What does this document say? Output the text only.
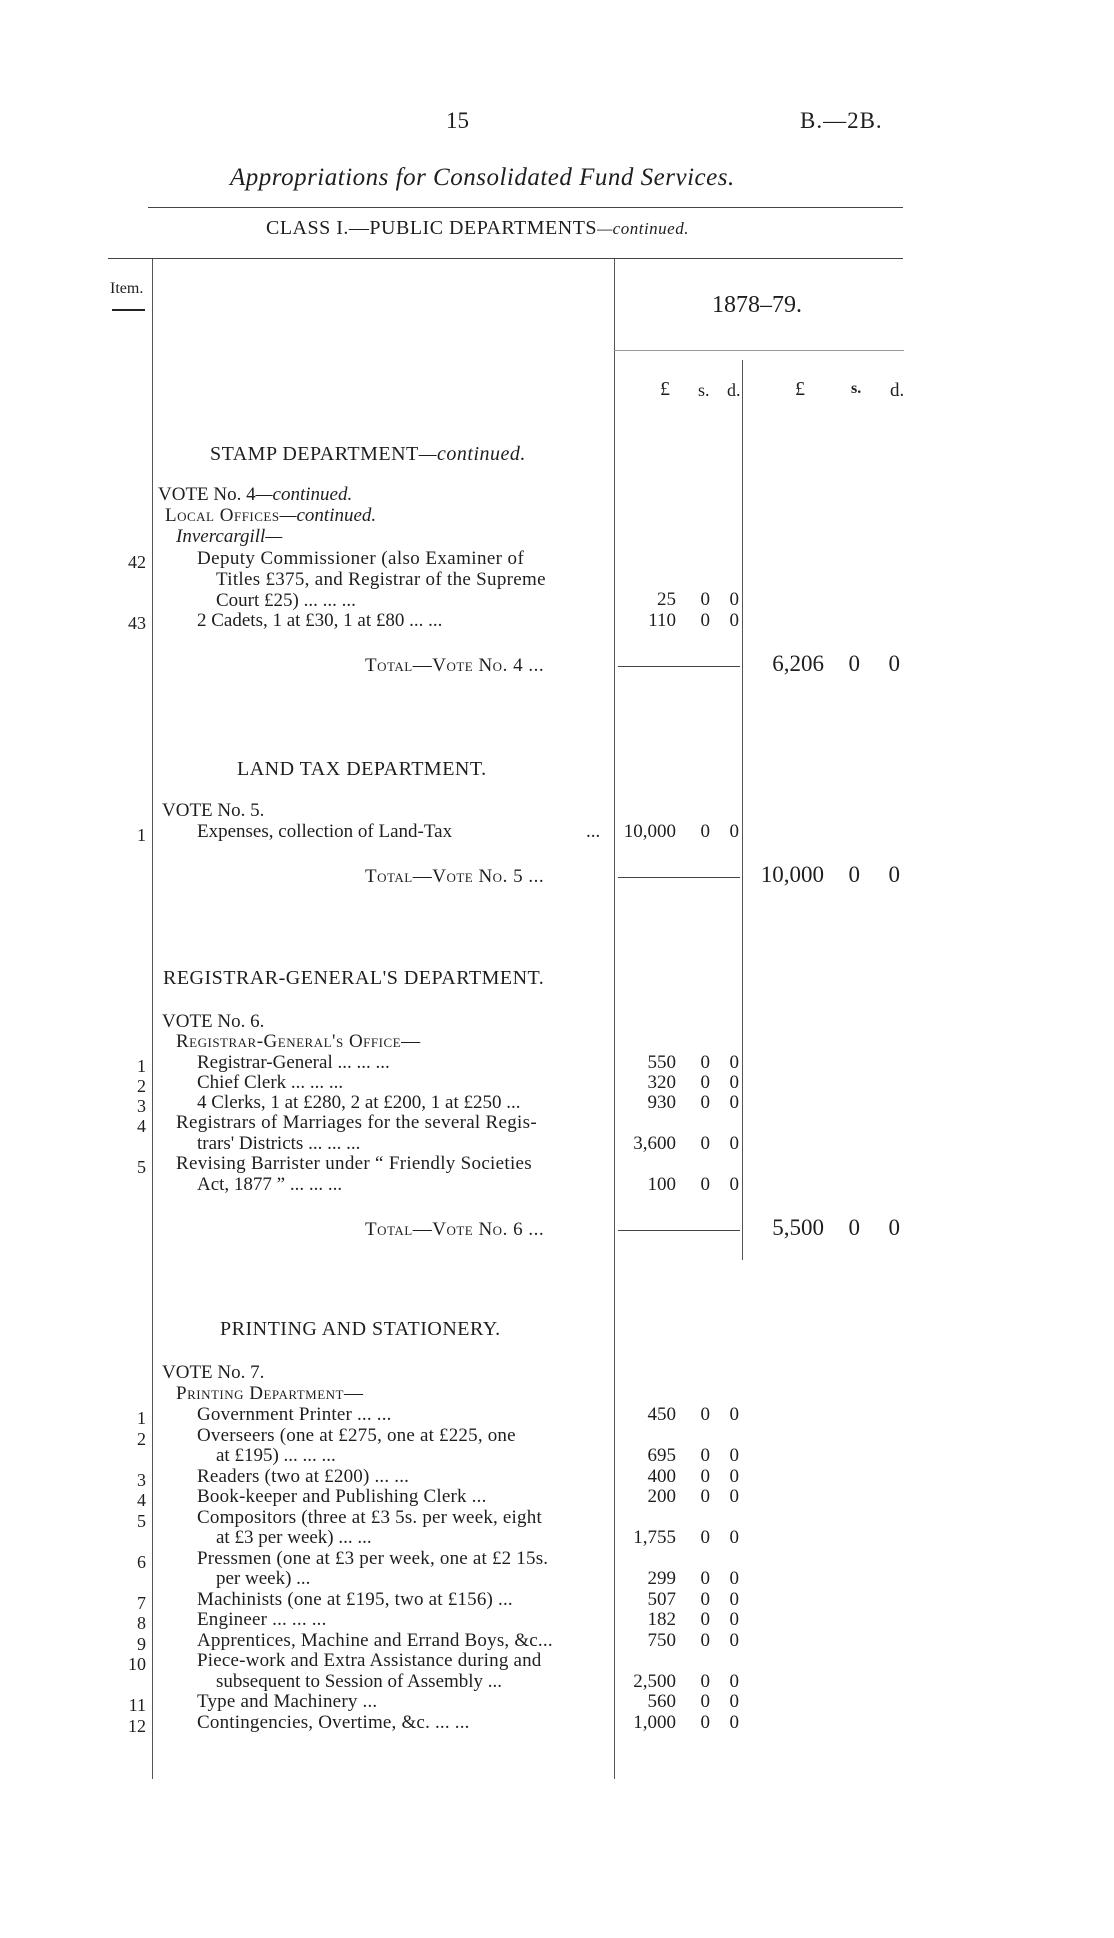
15	B.—2B.
Appropriations for Consolidated Fund Services.
CLASS I.—PUBLIC DEPARTMENTS—continued.
Item.
1878–79.
£ s. d.	£	s. d.
STAMP DEPARTMENT—continued.
VOTE No. 4—continued.
Local Offices—continued.
Invercargill—
42	Deputy Commissioner (also Examiner of
Titles £375, and Registrar of the Supreme
Court £25) ... ... ...	25	0	0
43	2 Cadets, 1 at £30, 1 at £80 ... ...	110	0	0
Total—Vote No. 4 ...	6,206	0	0
LAND TAX DEPARTMENT.
VOTE No. 5.
1	Expenses, collection of Land-Tax	... 10,000	0	0
Total—Vote No. 5 ...	10,000	0	0
REGISTRAR-GENERAL'S DEPARTMENT.
VOTE No. 6.
Registrar-General's Office—
1	Registrar-General ... ... ...	550	0	0
2	Chief Clerk ... ... ...	320	0	0
3	4 Clerks, 1 at £280, 2 at £200, 1 at £250 ...	930	0	0
4 Registrars of Marriages for the several Regis-
trars' Districts ... ... ...	3,600	0	0
5 Revising Barrister under “ Friendly Societies
Act, 1877 ” ... ... ...	100	0	0
Total—Vote No. 6 ...	5,500	0	0
PRINTING AND STATIONERY.
VOTE No. 7.
Printing Department—
1	Government Printer ... ...	450	0	0
2	Overseers (one at £275, one at £225, one
at £195) ... ... ...	695	0	0
3	Readers (two at £200) ... ...	400	0	0
4	Book-keeper and Publishing Clerk ...	200	0	0
5	Compositors (three at £3 5s. per week, eight
at £3 per week) ... ...	1,755	0	0
6	Pressmen (one at £3 per week, one at £2 15s.
per week) ...	299	0	0
7	Machinists (one at £195, two at £156) ...	507	0	0
8	Engineer ... ... ...	182	0	0
9	Apprentices, Machine and Errand Boys, &c...	750	0	0
10	Piece-work and Extra Assistance during and
subsequent to Session of Assembly ...	2,500	0	0
11	Type and Machinery ...	560	0	0
12	Contingencies, Overtime, &c. ... ...	1,000	0	0
